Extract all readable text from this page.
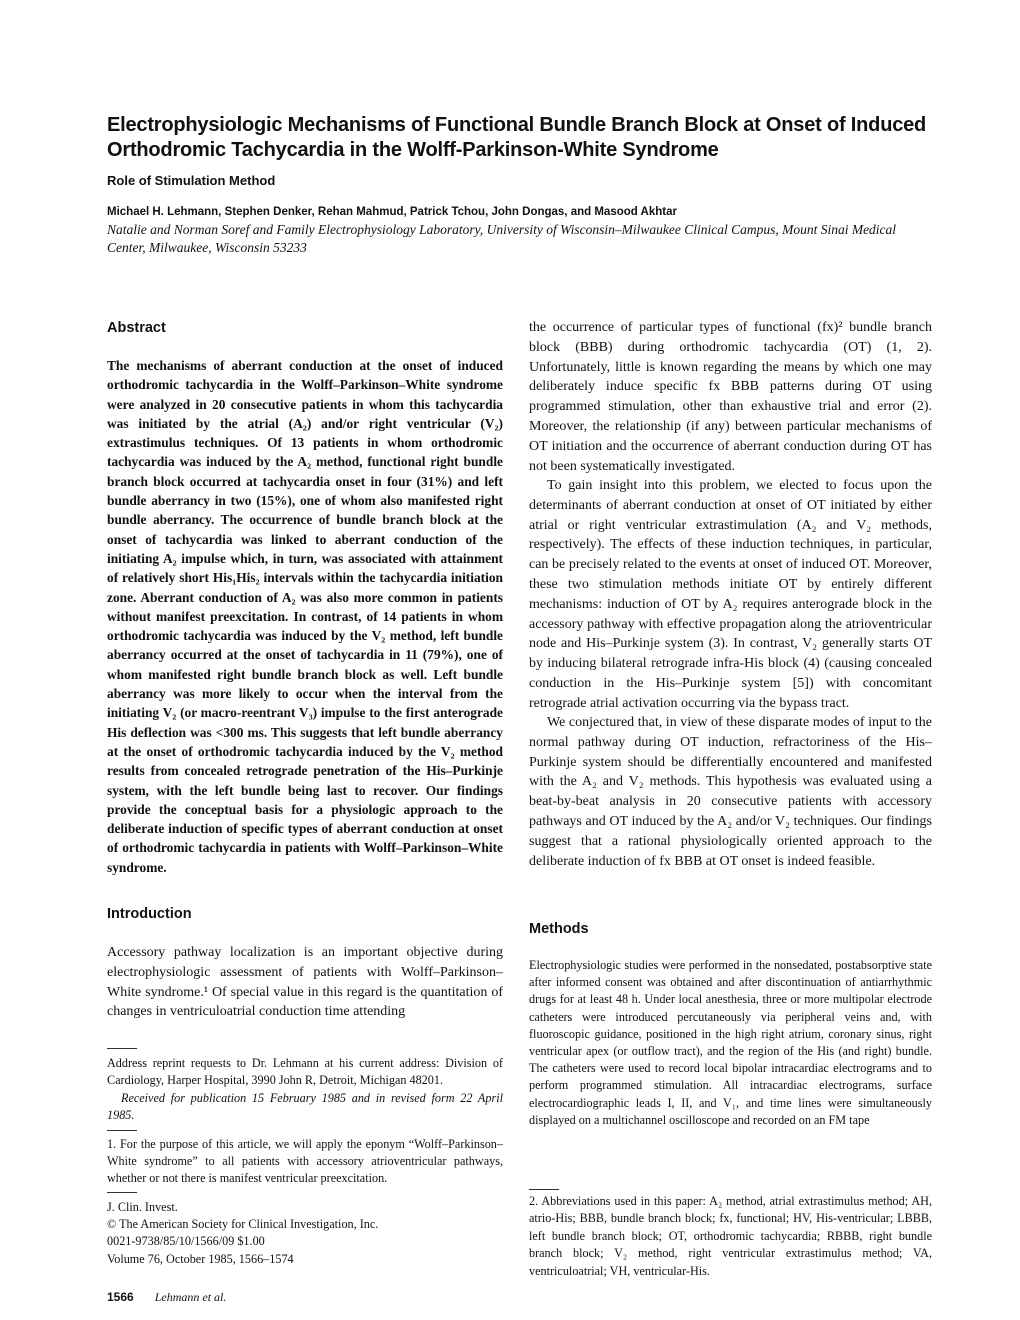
Electrophysiologic Mechanisms of Functional Bundle Branch Block at Onset of Induced Orthodromic Tachycardia in the Wolff-Parkinson-White Syndrome
Role of Stimulation Method
Michael H. Lehmann, Stephen Denker, Rehan Mahmud, Patrick Tchou, John Dongas, and Masood Akhtar
Natalie and Norman Soref and Family Electrophysiology Laboratory, University of Wisconsin–Milwaukee Clinical Campus, Mount Sinai Medical Center, Milwaukee, Wisconsin 53233
Abstract
The mechanisms of aberrant conduction at the onset of induced orthodromic tachycardia in the Wolff–Parkinson–White syndrome were analyzed in 20 consecutive patients in whom this tachycardia was initiated by the atrial (A₂) and/or right ventricular (V₂) extrastimulus techniques. Of 13 patients in whom orthodromic tachycardia was induced by the A₂ method, functional right bundle branch block occurred at tachycardia onset in four (31%) and left bundle aberrancy in two (15%), one of whom also manifested right bundle aberrancy. The occurrence of bundle branch block at the onset of tachycardia was linked to aberrant conduction of the initiating A₂ impulse which, in turn, was associated with attainment of relatively short His₁His₂ intervals within the tachycardia initiation zone. Aberrant conduction of A₂ was also more common in patients without manifest preexcitation. In contrast, of 14 patients in whom orthodromic tachycardia was induced by the V₂ method, left bundle aberrancy occurred at the onset of tachycardia in 11 (79%), one of whom manifested right bundle branch block as well. Left bundle aberrancy was more likely to occur when the interval from the initiating V₂ (or macro-reentrant V₃) impulse to the first anterograde His deflection was <300 ms. This suggests that left bundle aberrancy at the onset of orthodromic tachycardia induced by the V₂ method results from concealed retrograde penetration of the His–Purkinje system, with the left bundle being last to recover. Our findings provide the conceptual basis for a physiologic approach to the deliberate induction of specific types of aberrant conduction at onset of orthodromic tachycardia in patients with Wolff–Parkinson–White syndrome.
Introduction

Accessory pathway localization is an important objective during electrophysiologic assessment of patients with Wolff–Parkinson–White syndrome.¹ Of special value in this regard is the quantitation of changes in ventriculoatrial conduction time attending

Address reprint requests to Dr. Lehmann at his current address: Division of Cardiology, Harper Hospital, 3990 John R, Detroit, Michigan 48201.

Received for publication 15 February 1985 and in revised form 22 April 1985.

1. For the purpose of this article, we will apply the eponym “Wolff–Parkinson–White syndrome” to all patients with accessory atrioventricular pathways, whether or not there is manifest ventricular preexcitation.

J. Clin. Invest.
© The American Society for Clinical Investigation, Inc.
0021-9738/85/10/1566/09 $1.00
Volume 76, October 1985, 1566–1574

the occurrence of particular types of functional (fx)² bundle branch block (BBB) during orthodromic tachycardia (OT) (1, 2). Unfortunately, little is known regarding the means by which one may deliberately induce specific fx BBB patterns during OT using programmed stimulation, other than exhaustive trial and error (2). Moreover, the relationship (if any) between particular mechanisms of OT initiation and the occurrence of aberrant conduction during OT has not been systematically investigated.

To gain insight into this problem, we elected to focus upon the determinants of aberrant conduction at onset of OT initiated by either atrial or right ventricular extrastimulation (A₂ and V₂ methods, respectively). The effects of these induction techniques, in particular, can be precisely related to the events at onset of induced OT. Moreover, these two stimulation methods initiate OT by entirely different mechanisms: induction of OT by A₂ requires anterograde block in the accessory pathway with effective propagation along the atrioventricular node and His–Purkinje system (3). In contrast, V₂ generally starts OT by inducing bilateral retrograde infra-His block (4) (causing concealed conduction in the His–Purkinje system [5]) with concomitant retrograde atrial activation occurring via the bypass tract.

We conjectured that, in view of these disparate modes of input to the normal pathway during OT induction, refractoriness of the His–Purkinje system should be differentially encountered and manifested with the A₂ and V₂ methods. This hypothesis was evaluated using a beat-by-beat analysis in 20 consecutive patients with accessory pathways and OT induced by the A₂ and/or V₂ techniques. Our findings suggest that a rational physiologically oriented approach to the deliberate induction of fx BBB at OT onset is indeed feasible.

Methods

Electrophysiologic studies were performed in the nonsedated, postabsorptive state after informed consent was obtained and after discontinuation of antiarrhythmic drugs for at least 48 h. Under local anesthesia, three or more multipolar electrode catheters were introduced percutaneously via peripheral veins and, with fluoroscopic guidance, positioned in the high right atrium, coronary sinus, right ventricular apex (or outflow tract), and the region of the His (and right) bundle. The catheters were used to record local bipolar intracardiac electrograms and to perform programmed stimulation. All intracardiac electrograms, surface electrocardiographic leads I, II, and V₁, and time lines were simultaneously displayed on a multichannel oscilloscope and recorded on an FM tape

2. Abbreviations used in this paper: A₂ method, atrial extrastimulus method; AH, atrio-His; BBB, bundle branch block; fx, functional; HV, His-ventricular; LBBB, left bundle branch block; OT, orthodromic tachycardia; RBBB, right bundle branch block; V₂ method, right ventricular extrastimulus method; VA, ventriculoatrial; VH, ventricular-His.

1566 Lehmann et al.
